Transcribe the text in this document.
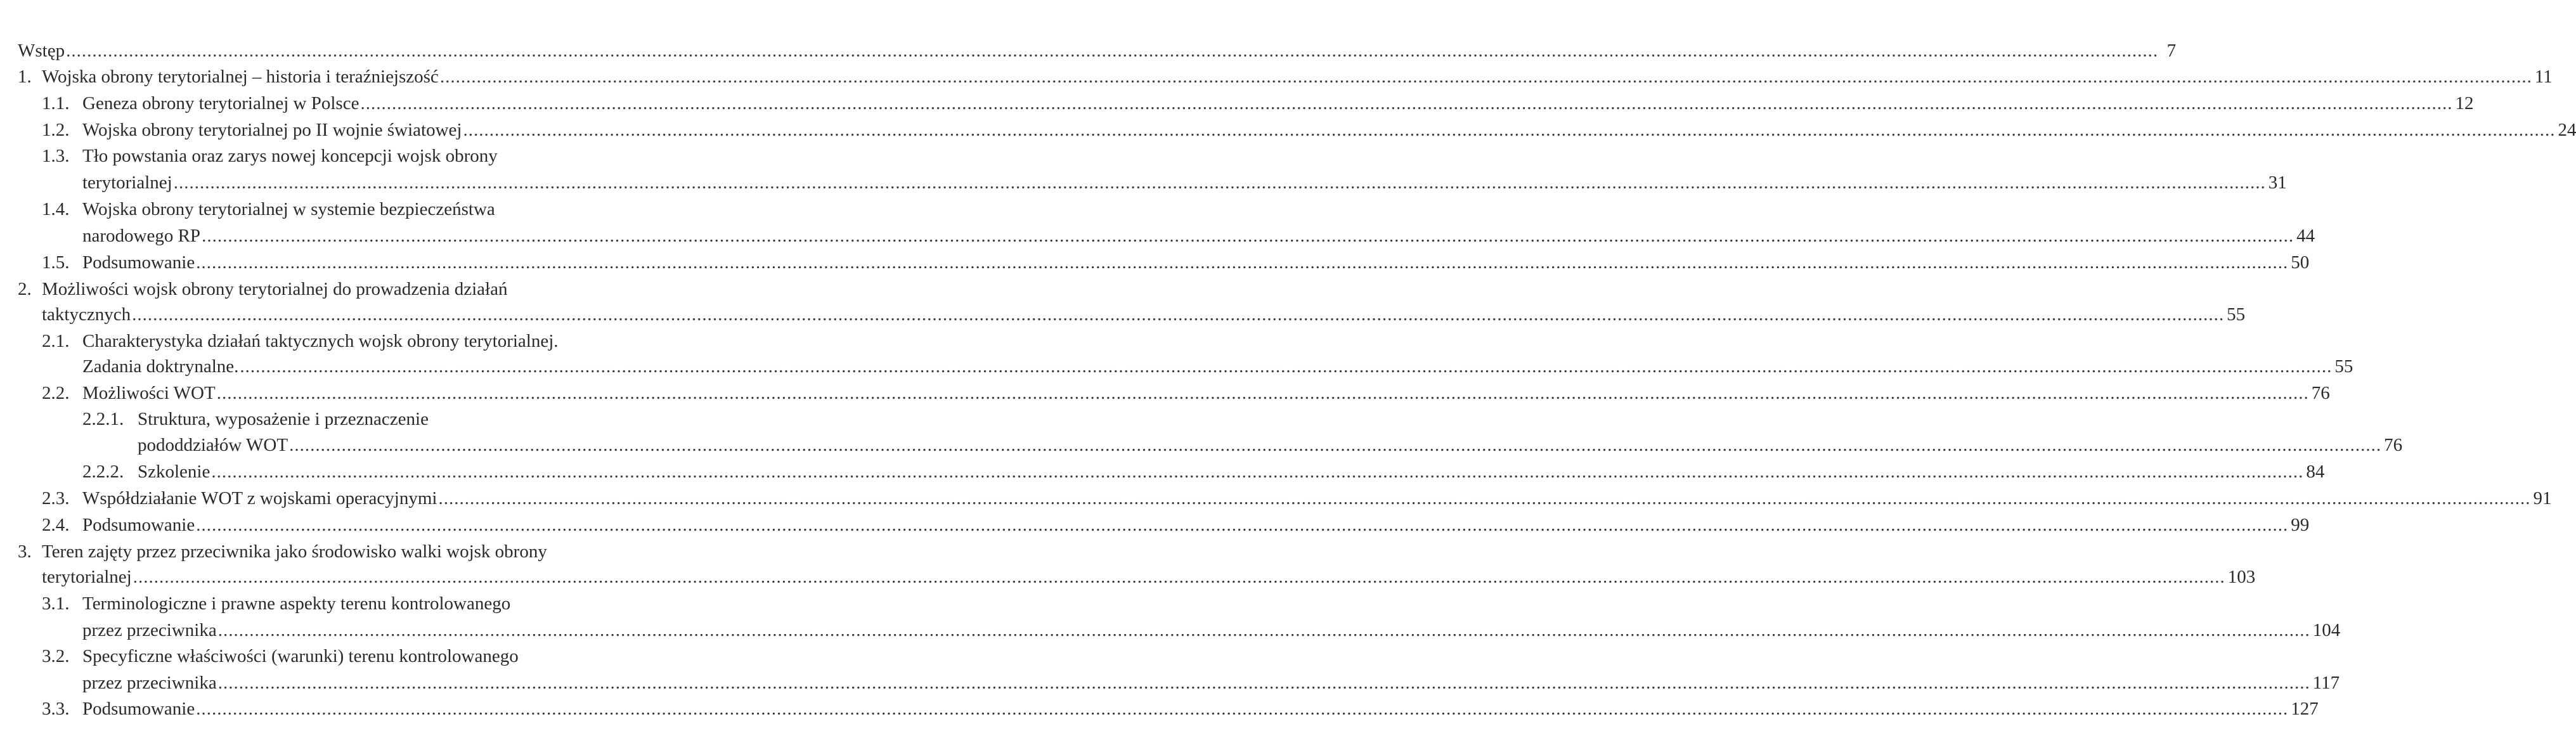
Wstęp ................................................................................................................................................................................................................................................................................................................................................................................................................ 7
1. Wojska obrony terytorialnej – historia i teraźniejszość ................................................................................................................................................................................................................................................................................................................................................................................................................ 11
1.1. Geneza obrony terytorialnej w Polsce ................................................................................................................................................................................................................................................................................................................................................................................................................ 12
1.2. Wojska obrony terytorialnej po II wojnie światowej ................................................................................................................................................................................................................................................................................................................................................................................................................ 24
1.3. Tło powstania oraz zarys nowej koncepcji wojsk obrony
terytorialnej ................................................................................................................................................................................................................................................................................................................................................................................................................ 31
1.4. Wojska obrony terytorialnej w systemie bezpieczeństwa
narodowego RP ................................................................................................................................................................................................................................................................................................................................................................................................................ 44
1.5. Podsumowanie ................................................................................................................................................................................................................................................................................................................................................................................................................ 50
2. Możliwości wojsk obrony terytorialnej do prowadzenia działań
taktycznych ................................................................................................................................................................................................................................................................................................................................................................................................................ 55
2.1. Charakterystyka działań taktycznych wojsk obrony terytorialnej.
Zadania doktrynalne. ................................................................................................................................................................................................................................................................................................................................................................................................................ 55
2.2. Możliwości WOT ................................................................................................................................................................................................................................................................................................................................................................................................................ 76
2.2.1. Struktura, wyposażenie i przeznaczenie
pododdziałów WOT ................................................................................................................................................................................................................................................................................................................................................................................................................ 76
2.2.2. Szkolenie ................................................................................................................................................................................................................................................................................................................................................................................................................ 84
2.3. Współdziałanie WOT z wojskami operacyjnymi ................................................................................................................................................................................................................................................................................................................................................................................................................ 91
2.4. Podsumowanie ................................................................................................................................................................................................................................................................................................................................................................................................................ 99
3. Teren zajęty przez przeciwnika jako środowisko walki wojsk obrony
terytorialnej ................................................................................................................................................................................................................................................................................................................................................................................................................ 103
3.1. Terminologiczne i prawne aspekty terenu kontrolowanego
przez przeciwnika ................................................................................................................................................................................................................................................................................................................................................................................................................ 104
3.2. Specyficzne właściwości (warunki) terenu kontrolowanego
przez przeciwnika ................................................................................................................................................................................................................................................................................................................................................................................................................ 117
3.3. Podsumowanie ................................................................................................................................................................................................................................................................................................................................................................................................................ 127
